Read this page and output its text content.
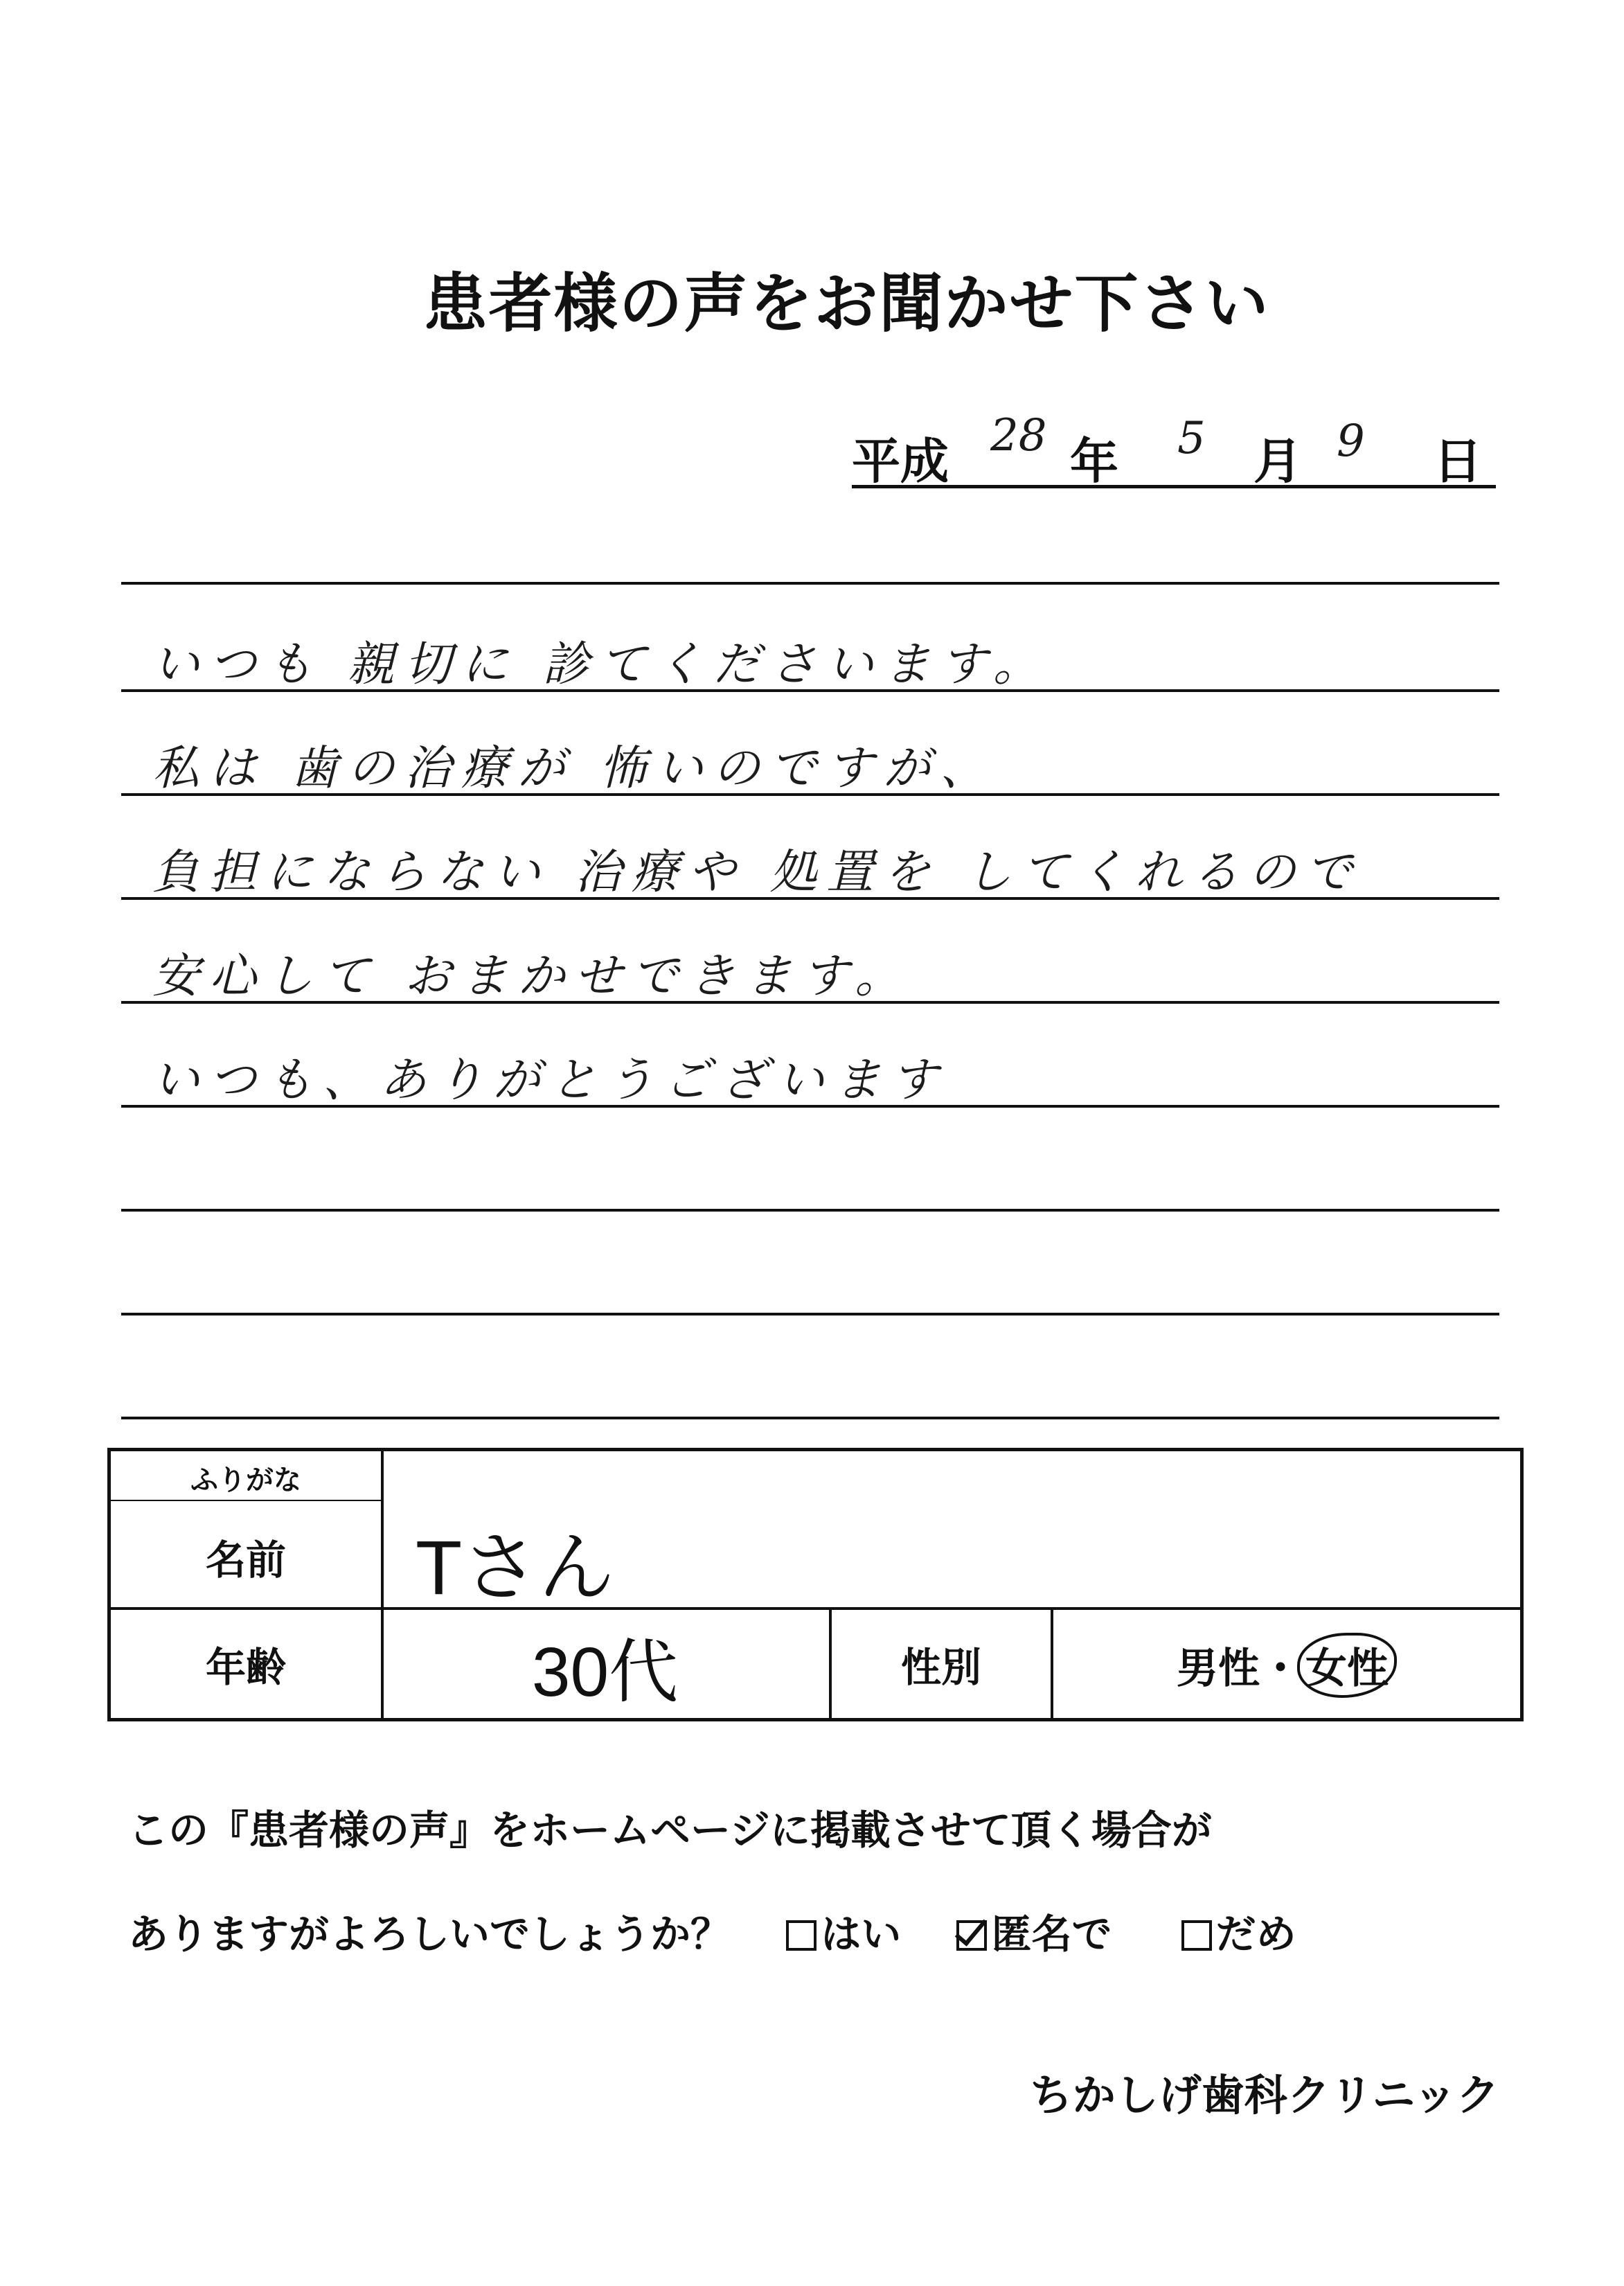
患者様の声をお聞かせ下さい
平成 28 年 5 月 9 日
いつも 親切に 診てくださいます。
私は 歯の治療が 怖いのですが、
負担にならない 治療や 処置を してくれるので
安心して おまかせできます。
いつも、ありがとうございます
ふりがな
名前	Tさん
年齢	30代	性別	男性・ 女性
この『患者様の声』をホームページに掲載させて頂く場合が
ありますがよろしいでしょうか？ はい 匿名で	だめ
ちかしげ歯科クリニック
